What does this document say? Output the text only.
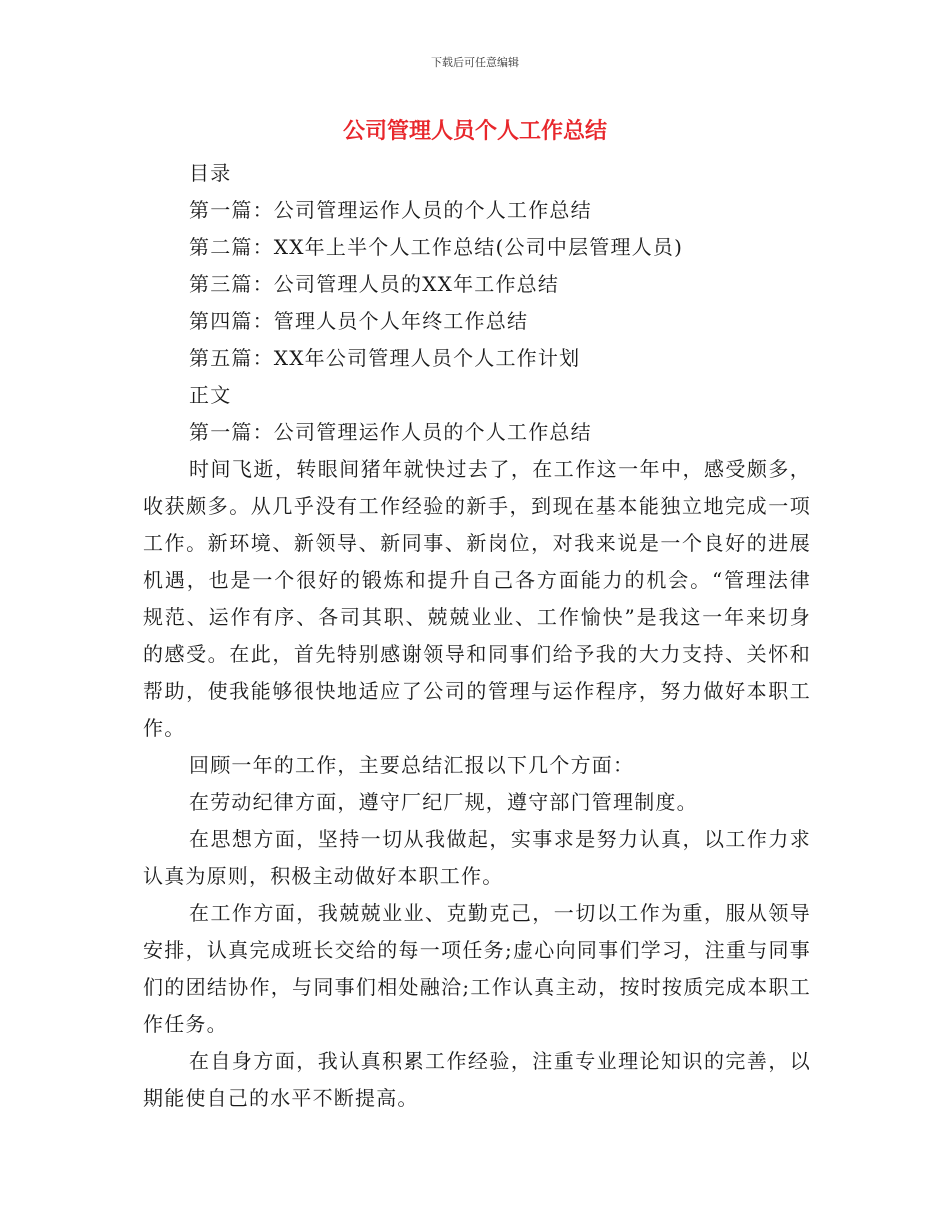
下载后可任意编辑
公司管理人员个人工作总结

目录

第一篇：公司管理运作人员的个人工作总结

第二篇：XX年上半个人工作总结(公司中层管理人员)

第三篇：公司管理人员的XX年工作总结

第四篇：管理人员个人年终工作总结

第五篇：XX年公司管理人员个人工作计划

正文

第一篇：公司管理运作人员的个人工作总结

时间飞逝，转眼间猪年就快过去了，在工作这一年中，感受颇多，收获颇多。从几乎没有工作经验的新手，到现在基本能独立地完成一项工作。新环境、新领导、新同事、新岗位，对我来说是一个良好的进展机遇，也是一个很好的锻炼和提升自己各方面能力的机会。“管理法律规范、运作有序、各司其职、兢兢业业、工作愉快”是我这一年来切身的感受。在此，首先特别感谢领导和同事们给予我的大力支持、关怀和帮助，使我能够很快地适应了公司的管理与运作程序，努力做好本职工作。

回顾一年的工作，主要总结汇报以下几个方面：

在劳动纪律方面，遵守厂纪厂规，遵守部门管理制度。

在思想方面，坚持一切从我做起，实事求是努力认真，以工作力求认真为原则，积极主动做好本职工作。

在工作方面，我兢兢业业、克勤克己，一切以工作为重，服从领导安排，认真完成班长交给的每一项任务;虚心向同事们学习，注重与同事们的团结协作，与同事们相处融洽;工作认真主动，按时按质完成本职工作任务。

在自身方面，我认真积累工作经验，注重专业理论知识的完善，以期能使自己的水平不断提高。
